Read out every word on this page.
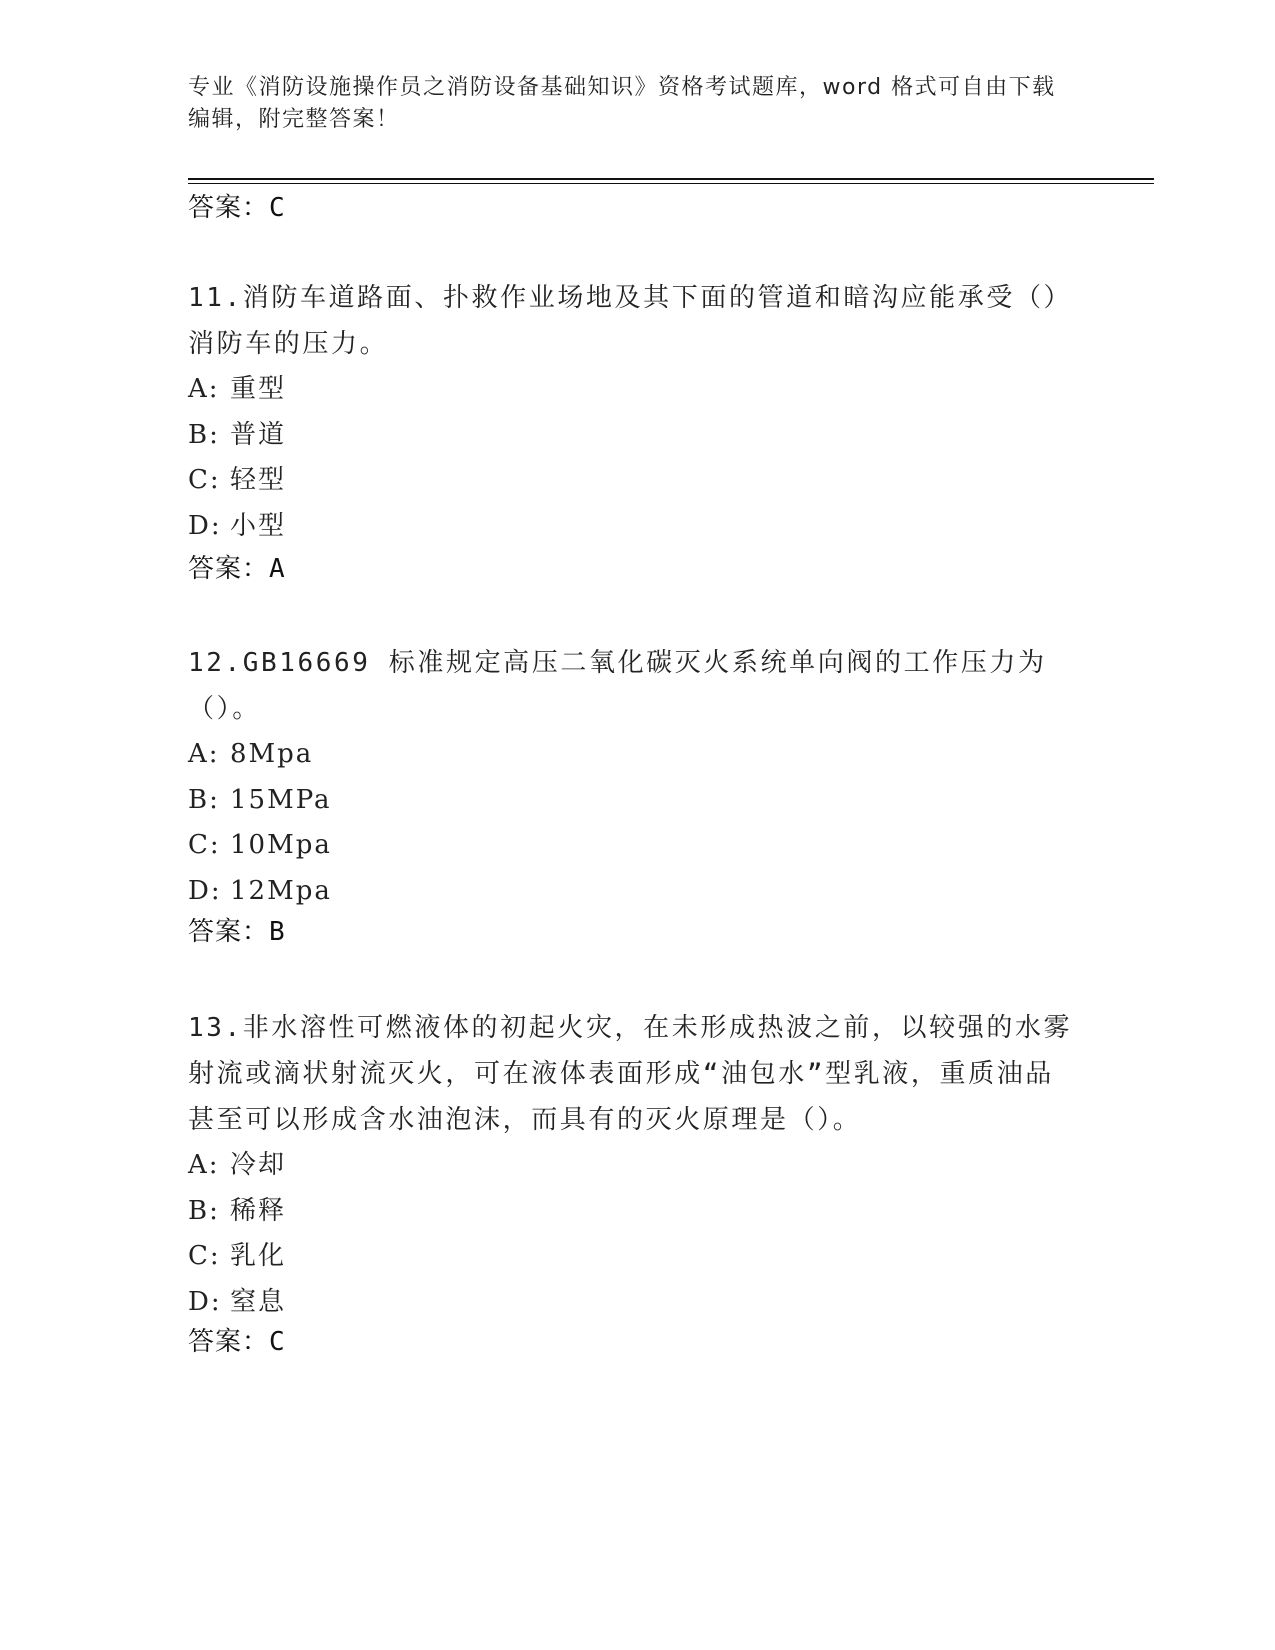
专业《消防设施操作员之消防设备基础知识》资格考试题库，word 格式可自由下载编辑，附完整答案！
答案：C

11.消防车道路面、扑救作业场地及其下面的管道和暗沟应能承受（）消防车的压力。

A: 重型
B: 普道
C: 轻型
D: 小型
答案：A

12.GB16669 标准规定高压二氧化碳灭火系统单向阀的工作压力为（）。

A: 8Mpa
B: 15MPa
C: 10Mpa
D: 12Mpa
答案：B

13.非水溶性可燃液体的初起火灾，在未形成热波之前，以较强的水雾射流或滴状射流灭火，可在液体表面形成“油包水”型乳液，重质油品甚至可以形成含水油泡沫，而具有的灭火原理是（）。

A: 冷却
B: 稀释
C: 乳化
D: 窒息
答案：C
